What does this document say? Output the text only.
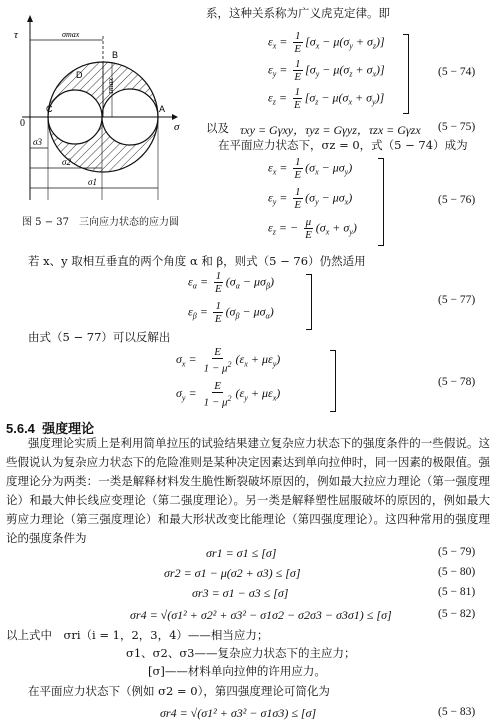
τ
σ
0
σmax
τmax
B
D
C	A
σ3
σ2
σ1
图 5 − 37　三向应力状态的应力圆
系，这种关系称为广义虎克定律。即
$\varepsilon_x = \frac{1}{E} [\sigma_x - \mu(\sigma_y + \sigma_z)]$
$\varepsilon_y = \frac{1}{E} [\sigma_y - \mu(\sigma_z + \sigma_x)]$
$\varepsilon_z = \frac{1}{E} [\sigma_z - \mu(\sigma_x + \sigma_y)]$
(5 − 74)
以及 τxy = Gγxy，τyz = Gγyz，τzx = Gγzx (5 − 75)
在平面应力状态下，σz = 0，式（5 − 74）成为
$\varepsilon_x = \frac{1}{E} (\sigma_x - \mu\sigma_y)$
$\varepsilon_y = \frac{1}{E} (\sigma_y - \mu\sigma_x)$
$\varepsilon_z$ = − $\frac{\mu}{E} (\sigma_x + \sigma_y)$
(5 − 76)
若 x、y 取相互垂直的两个角度 α 和 β，则式（5 − 76）仍然适用
$\varepsilon_\alpha = \frac{1}{E} (\sigma_\alpha - \mu\sigma_\beta)$
$\varepsilon_\beta = \frac{1}{E} (\sigma_\beta - \mu\sigma_\alpha)$
(5 − 77)
由式（5 − 77）可以反解出
$\sigma_x = \frac{E}{1 - \mu^2} (\varepsilon_x + \mu\varepsilon_y)$
$\sigma_y = \frac{E}{1 - \mu^2} (\varepsilon_y + \mu\varepsilon_x)$
(5 − 78)
5.6.4 强度理论
强度理论实质上是利用简单拉压的试验结果建立复杂应力状态下的强度条件的一些假说。这些假说认为复杂应力状态下的危险准则是某种决定因素达到单向拉伸时，同一因素的极限值。强度理论分为两类：一类是解释材料发生脆性断裂破坏原因的，例如最大拉应力理论（第一强度理论）和最大伸长线应变理论（第二强度理论）。另一类是解释塑性屈服破坏的原因的，例如最大剪应力理论（第三强度理论）和最大形状改变比能理论（第四强度理论）。这四种常用的强度理论的强度条件为
σr1 = σ1 ≤ [σ]	(5 − 79)
σr2 = σ1 − μ(σ2 + σ3) ≤ [σ]	(5 − 80)
σr3 = σ1 − σ3 ≤ [σ]	(5 − 81)
σr4 = √(σ1² + σ2² + σ3² − σ1σ2 − σ2σ3 − σ3σ1) ≤ [σ]	(5 − 82)
以上式中　σri（i = 1，2，3，4）——相当应力；
σ1、σ2、σ3——复杂应力状态下的主应力；
[σ]——材料单向拉伸的许用应力。
在平面应力状态下（例如 σ2 = 0），第四强度理论可简化为
σr4 = √(σ1² + σ3² − σ1σ3) ≤ [σ]	(5 − 83)
